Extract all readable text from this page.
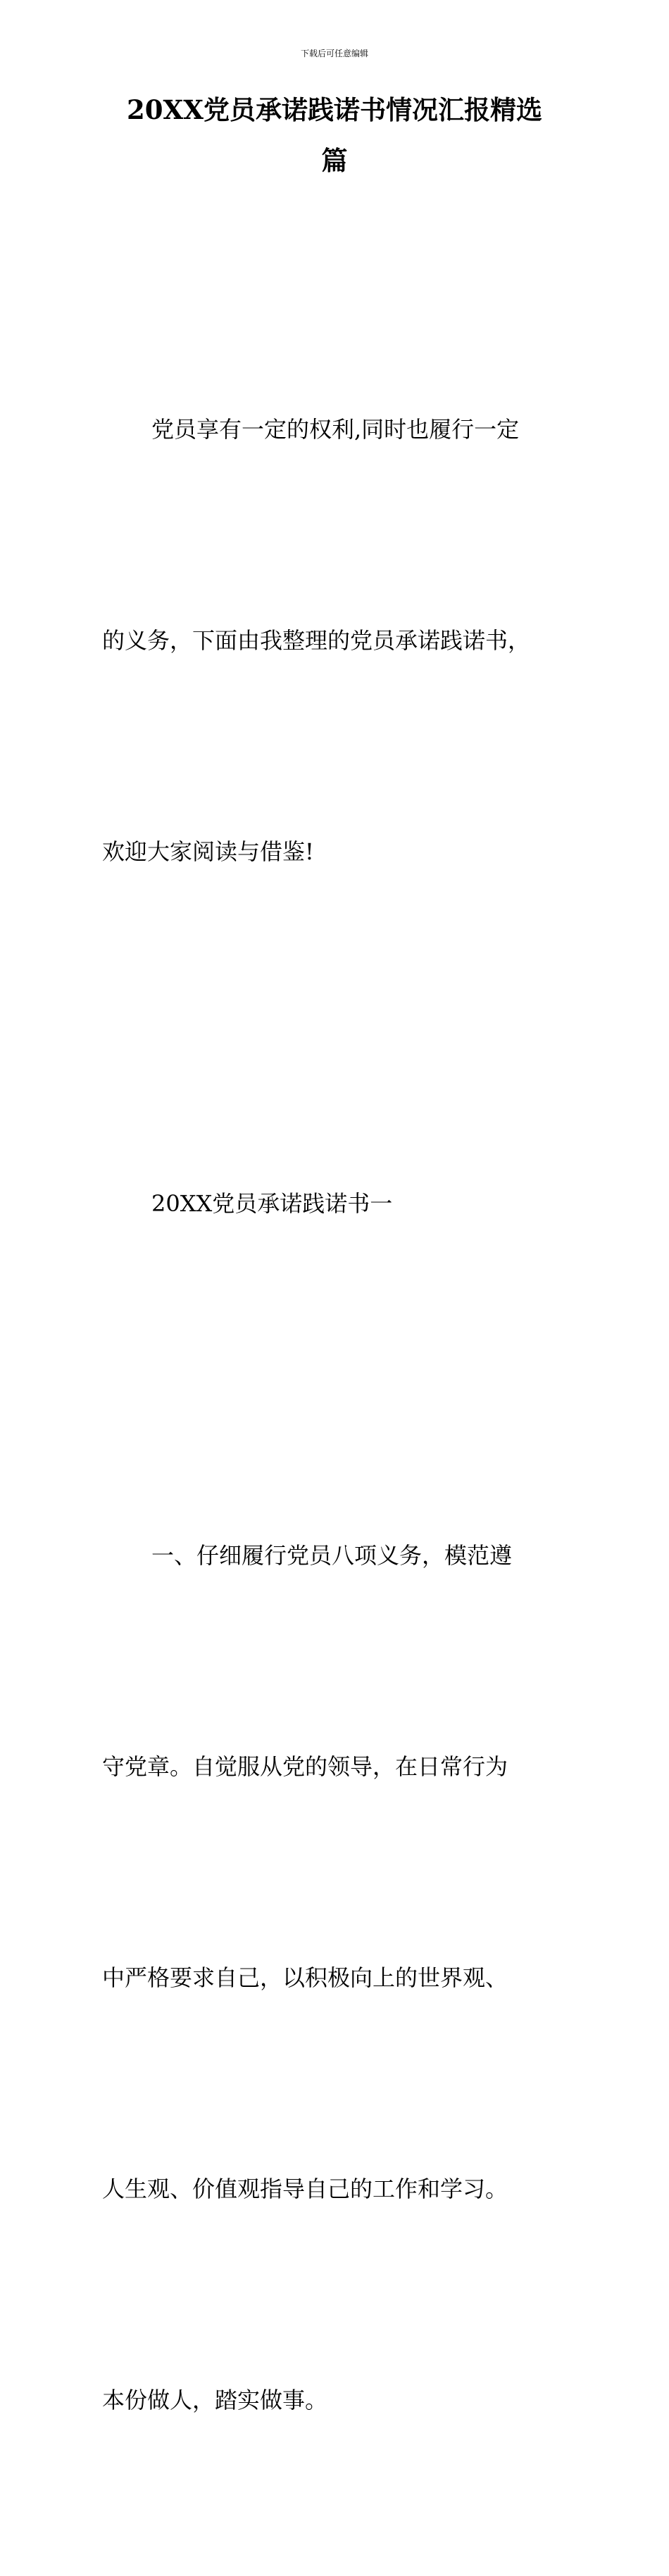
下载后可任意编辑
20XX党员承诺践诺书情况汇报精选
篇

党员享有一定的权利,同时也履行一定

的义务，下面由我整理的党员承诺践诺书，

欢迎大家阅读与借鉴!

20XX党员承诺践诺书一

一、仔细履行党员八项义务，模范遵

守党章。自觉服从党的领导，在日常行为

中严格要求自己，以积极向上的世界观、

人生观、价值观指导自己的工作和学习。

本份做人，踏实做事。
